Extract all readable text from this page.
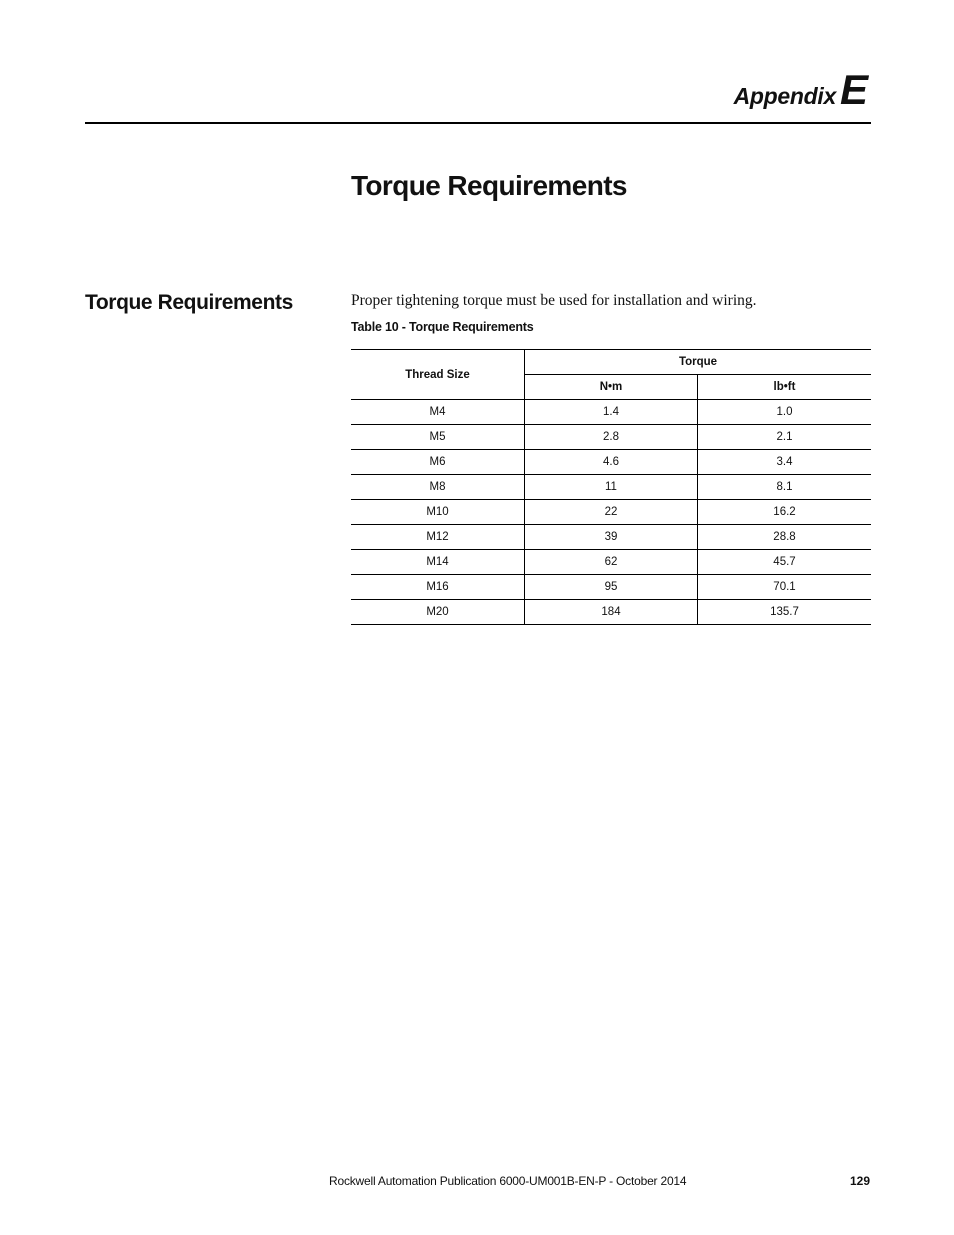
AppendixE
Torque Requirements
Torque Requirements	Proper tightening torque must be used for installation and wiring.
Table 10 - Torque Requirements
Thread Size	Torque	
	N•m	lb•ft
M4	1.4	1.0
M5	2.8	2.1
M6	4.6	3.4
M8	11	8.1
M10	22	16.2
M12	39	28.8
M14	62	45.7
M16	95	70.1
M20	184	135.7
Rockwell Automation Publication 6000-UM001B-EN-P - October 2014	129
